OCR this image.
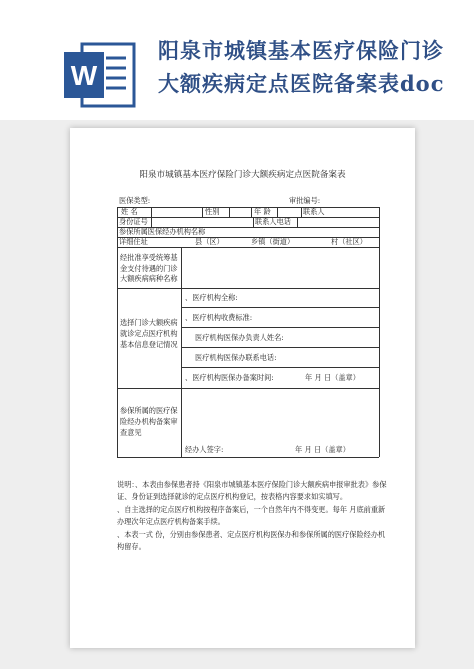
W
阳泉市城镇基本医疗保险门诊大额疾病定点医院备案表doc
阳泉市城镇基本医疗保险门诊大额疾病定点医院备案表
医保类型:	审批编号:
姓 名	性别	年 龄	联系人
身份证号	联系人电话
参保所属医保经办机构名称
详细住址	县（区）	乡镇（街道）	村（社区）
经批准享受统筹基金支付待遇的门诊大额疾病病种名称
选择门诊大额疾病就诊定点医疗机构基本信息登记情况
、医疗机构全称:
、医疗机构收费标准:
医疗机构医保办负责人姓名:
医疗机构医保办联系电话:
、医疗机构医保办备案时间:	年 月 日（盖章）
参保所属的医疗保险经办机构备案审查意见
经办人签字:	年 月 日（盖章）

说明：、本表由参保患者持《阳泉市城镇基本医疗保险门诊大额疾病申报审批表》参保证、身份证到选择就诊的定点医疗机构登记，按表格内容要求如实填写。

、自主选择的定点医疗机构按程序备案后，一个自然年内不得变更。每年 月底前重新办理次年定点医疗机构备案手续。

、本表一式 份，分别由参保患者、定点医疗机构医保办和参保所属的医疗保险经办机构留存。
